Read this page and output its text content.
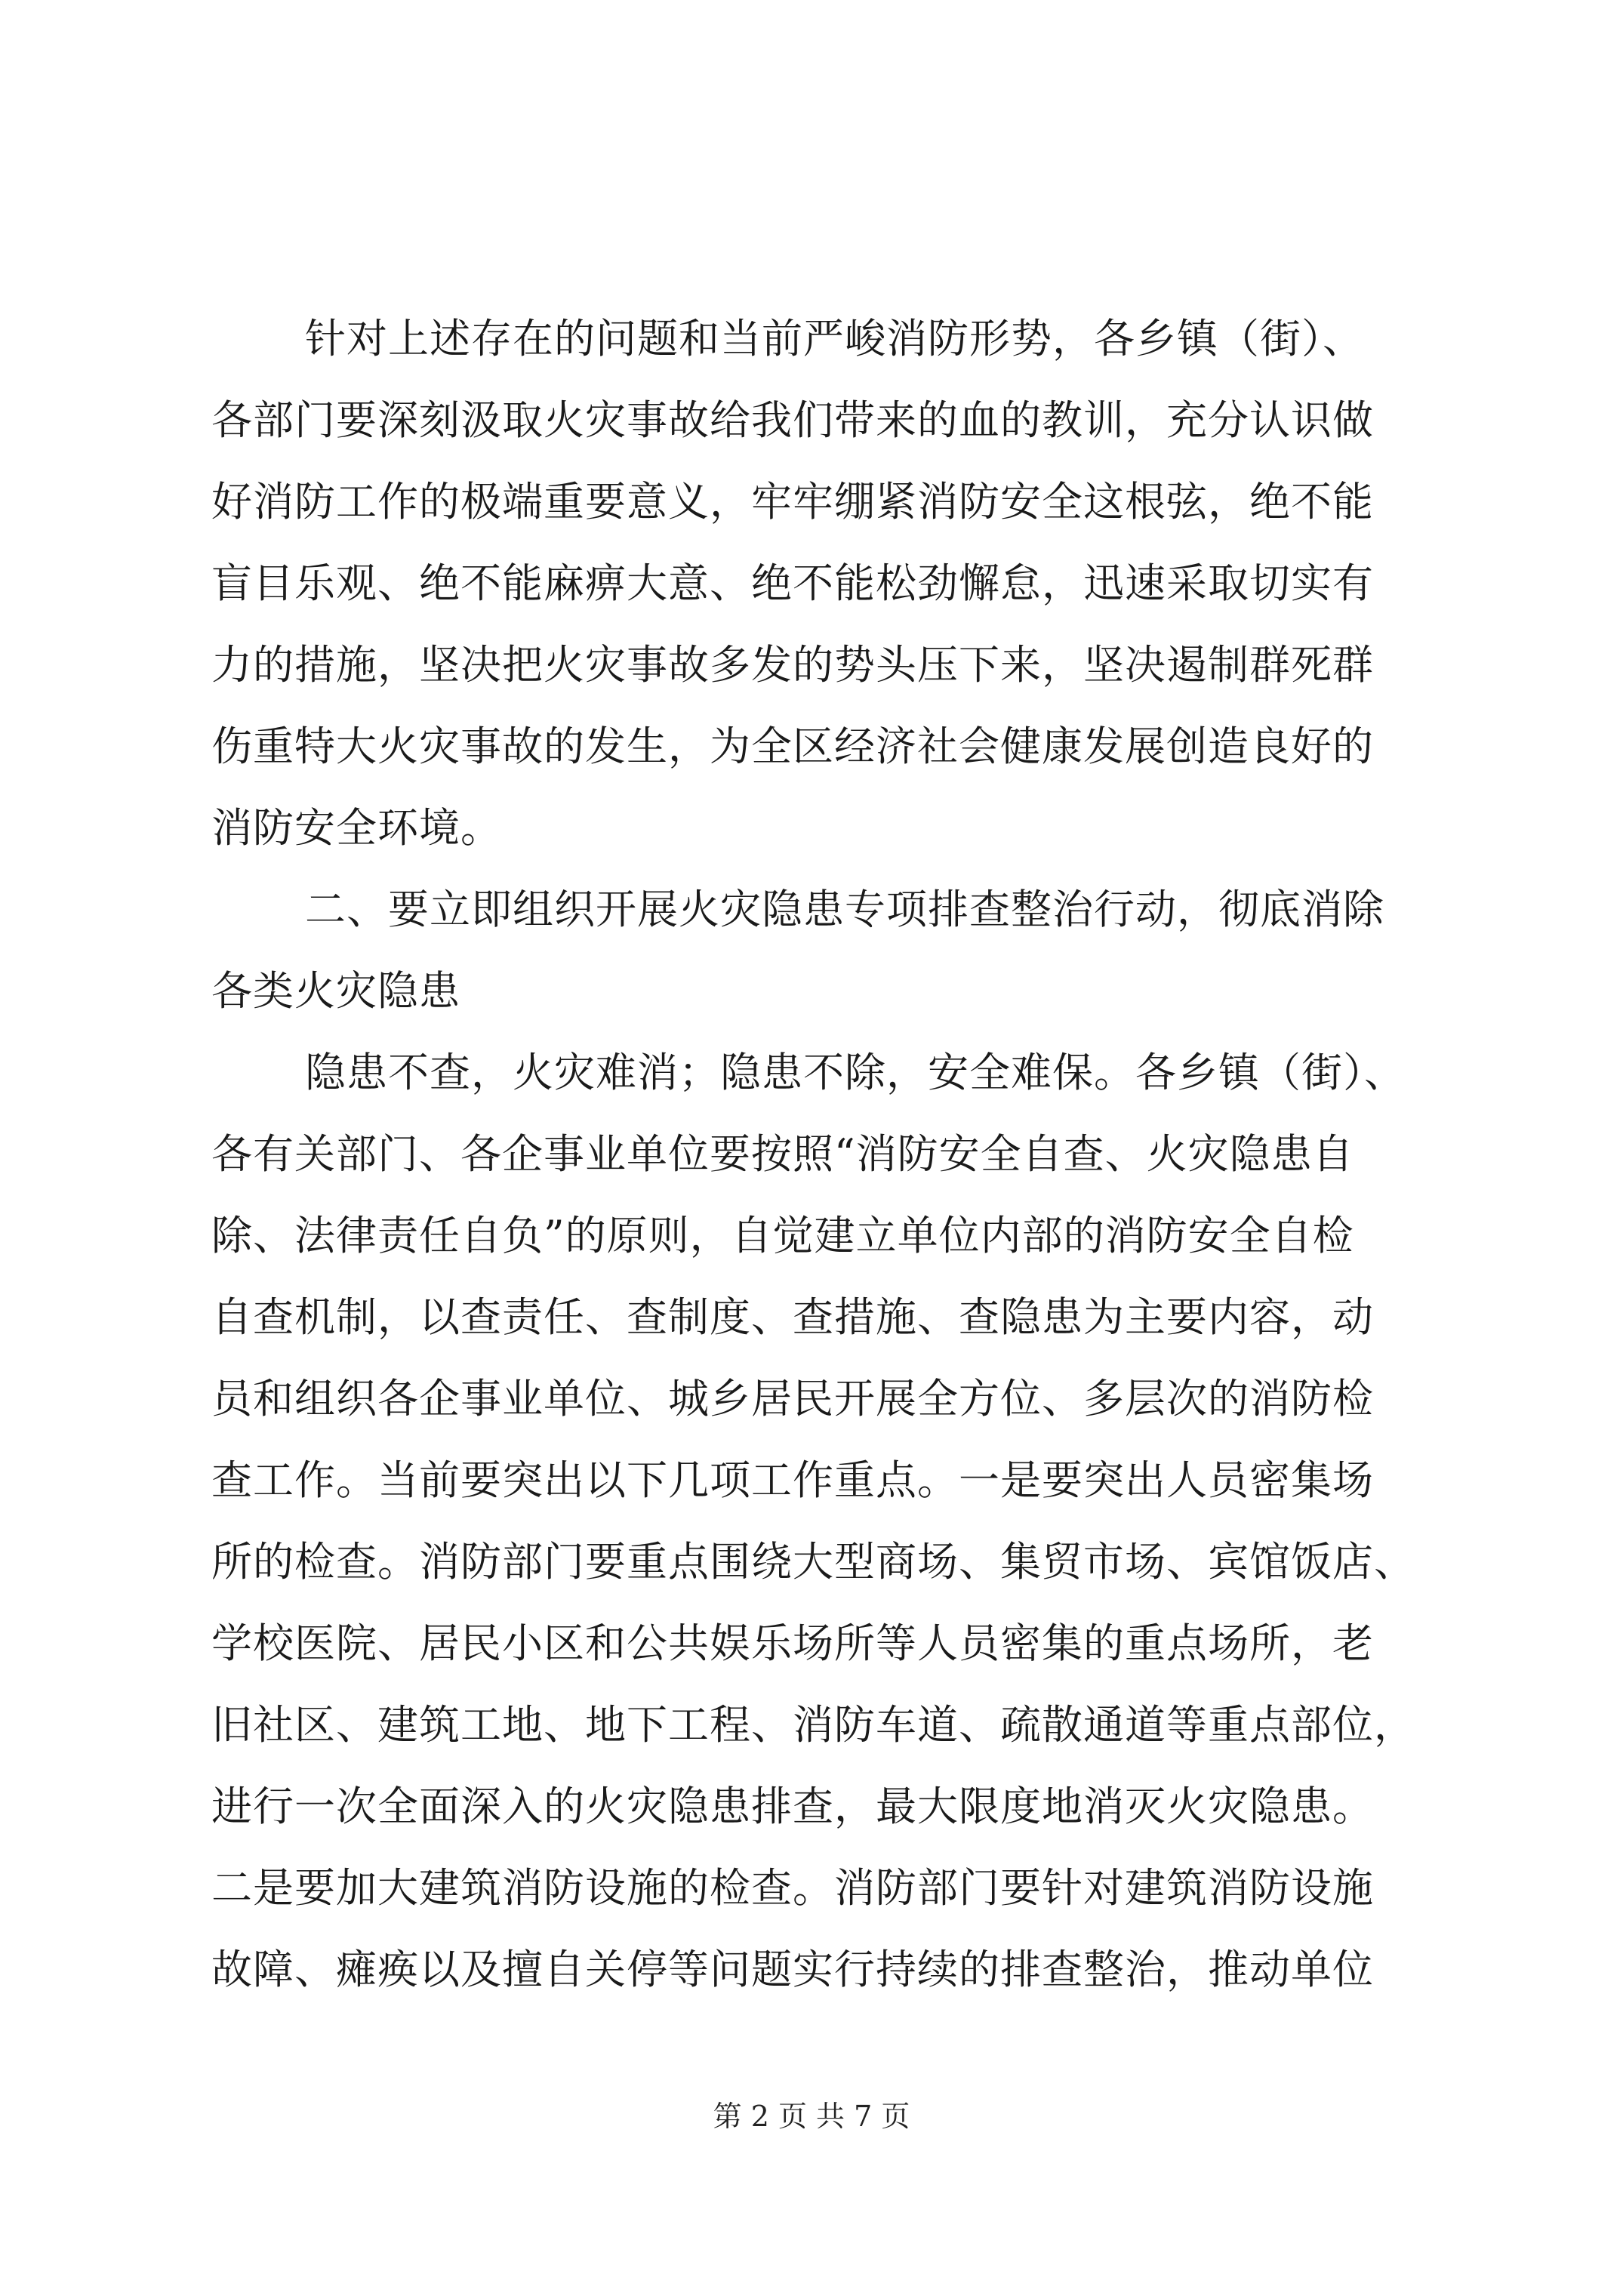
针对上述存在的问题和当前严峻消防形势，各乡镇（街）、
各部门要深刻汲取火灾事故给我们带来的血的教训，充分认识做
好消防工作的极端重要意义，牢牢绷紧消防安全这根弦，绝不能
盲目乐观、绝不能麻痹大意、绝不能松劲懈怠，迅速采取切实有
力的措施，坚决把火灾事故多发的势头压下来，坚决遏制群死群
伤重特大火灾事故的发生，为全区经济社会健康发展创造良好的
消防安全环境。
二、要立即组织开展火灾隐患专项排查整治行动，彻底消除
各类火灾隐患
隐患不查，火灾难消；隐患不除，安全难保。各乡镇（街）、
各有关部门、各企事业单位要按照“消防安全自查、火灾隐患自
除、法律责任自负”的原则，自觉建立单位内部的消防安全自检
自查机制，以查责任、查制度、查措施、查隐患为主要内容，动
员和组织各企事业单位、城乡居民开展全方位、多层次的消防检
查工作。当前要突出以下几项工作重点。一是要突出人员密集场
所的检查。消防部门要重点围绕大型商场、集贸市场、宾馆饭店、
学校医院、居民小区和公共娱乐场所等人员密集的重点场所，老
旧社区、建筑工地、地下工程、消防车道、疏散通道等重点部位，
进行一次全面深入的火灾隐患排查，最大限度地消灭火灾隐患。
二是要加大建筑消防设施的检查。消防部门要针对建筑消防设施
故障、瘫痪以及擅自关停等问题实行持续的排查整治，推动单位
第 2 页 共 7 页
